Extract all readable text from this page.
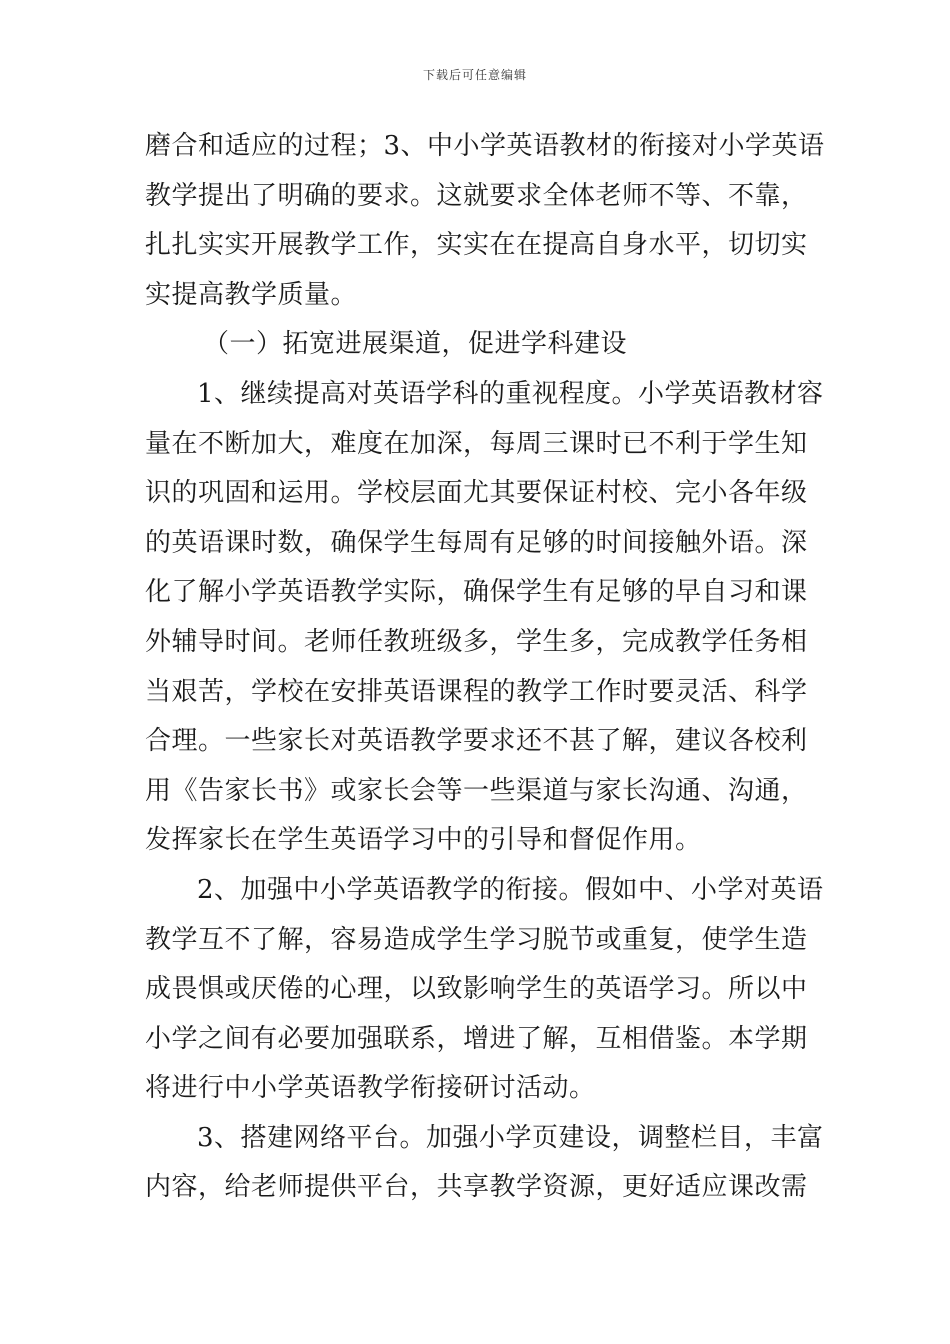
下载后可任意编辑
磨合和适应的过程；3、中小学英语教材的衔接对小学英语
教学提出了明确的要求。这就要求全体老师不等、不靠，
扎扎实实开展教学工作，实实在在提高自身水平，切切实
实提高教学质量。
（一）拓宽进展渠道，促进学科建设
1、继续提高对英语学科的重视程度。小学英语教材容
量在不断加大，难度在加深，每周三课时已不利于学生知
识的巩固和运用。学校层面尤其要保证村校、完小各年级
的英语课时数，确保学生每周有足够的时间接触外语。深
化了解小学英语教学实际，确保学生有足够的早自习和课
外辅导时间。老师任教班级多，学生多，完成教学任务相
当艰苦，学校在安排英语课程的教学工作时要灵活、科学
合理。一些家长对英语教学要求还不甚了解，建议各校利
用《告家长书》或家长会等一些渠道与家长沟通、沟通，
发挥家长在学生英语学习中的引导和督促作用。
2、加强中小学英语教学的衔接。假如中、小学对英语
教学互不了解，容易造成学生学习脱节或重复，使学生造
成畏惧或厌倦的心理，以致影响学生的英语学习。所以中
小学之间有必要加强联系，增进了解，互相借鉴。本学期
将进行中小学英语教学衔接研讨活动。
3、搭建网络平台。加强小学页建设，调整栏目，丰富
内容，给老师提供平台，共享教学资源，更好适应课改需
